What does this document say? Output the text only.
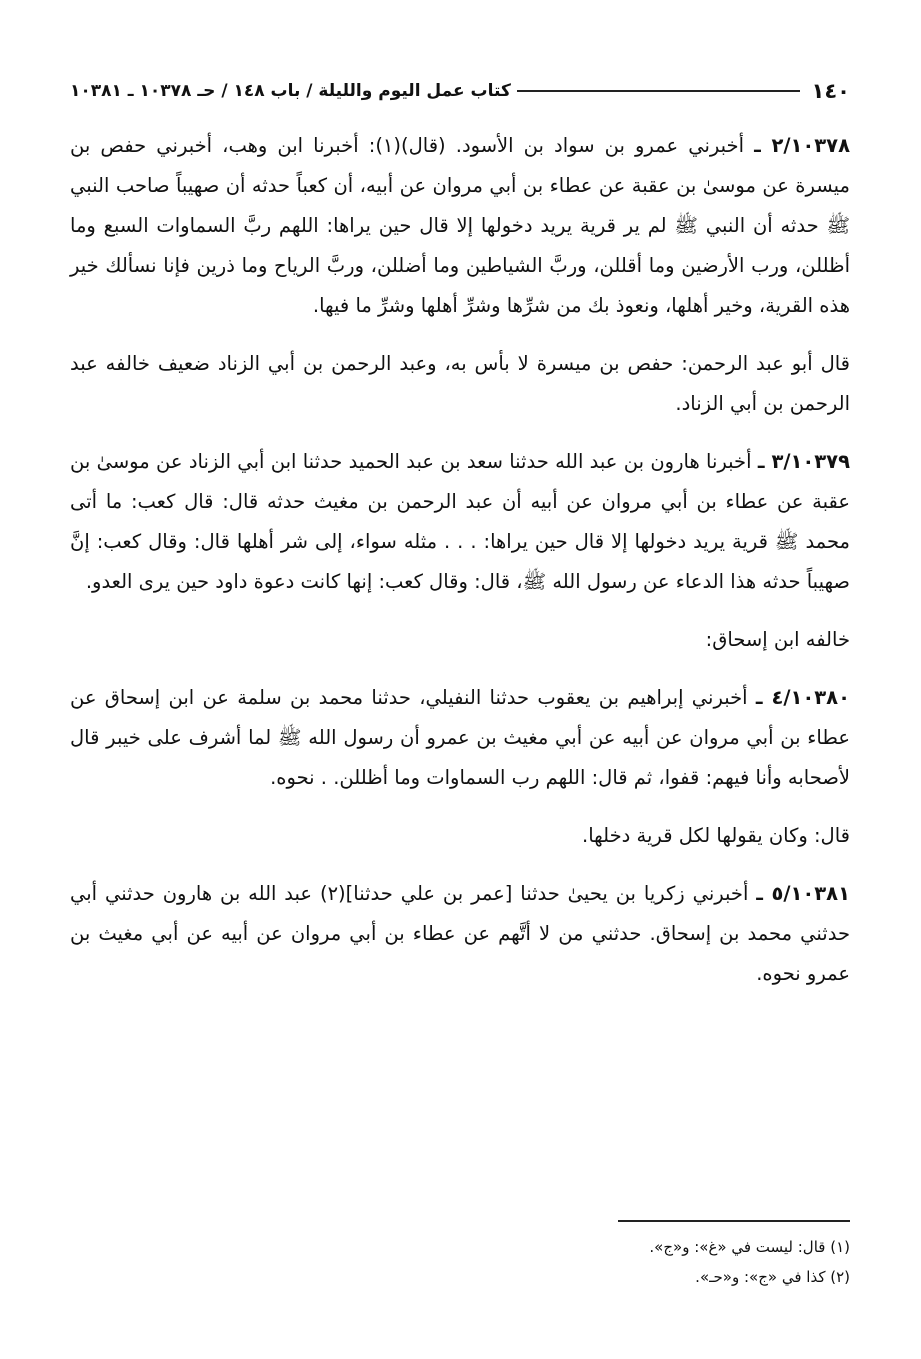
١٤٠
كتاب عمل اليوم والليلة / باب ١٤٨ / حـ ١٠٣٧٨ ـ ١٠٣٨١

٢/١٠٣٧٨ ـ أخبرني عمرو بن سواد بن الأسود. (قال)(١): أخبرنا ابن وهب، أخبرني حفص بن ميسرة عن موسىٰ بن عقبة عن عطاء بن أبي مروان عن أبيه، أن كعباً حدثه أن صهيباً صاحب النبي ﷺ حدثه أن النبي ﷺ لم ير قرية يريد دخولها إلا قال حين يراها: اللهم ربَّ السماوات السبع وما أظللن، ورب الأرضين وما أقللن، وربَّ الشياطين وما أضللن، وربَّ الرياح وما ذرين فإنا نسألك خير هذه القرية، وخير أهلها، ونعوذ بك من شرِّها وشرِّ أهلها وشرِّ ما فيها.

قال أبو عبد الرحمن: حفص بن ميسرة لا بأس به، وعبد الرحمن بن أبي الزناد ضعيف خالفه عبد الرحمن بن أبي الزناد.

٣/١٠٣٧٩ ـ أخبرنا هارون بن عبد الله حدثنا سعد بن عبد الحميد حدثنا ابن أبي الزناد عن موسىٰ بن عقبة عن عطاء بن أبي مروان عن أبيه أن عبد الرحمن بن مغيث حدثه قال: قال كعب: ما أتى محمد ﷺ قرية يريد دخولها إلا قال حين يراها: . . . مثله سواء، إلى شر أهلها قال: وقال كعب: إنَّ صهيباً حدثه هذا الدعاء عن رسول الله ﷺ، قال: وقال كعب: إنها كانت دعوة داود حين يرى العدو.

خالفه ابن إسحاق:

٤/١٠٣٨٠ ـ أخبرني إبراهيم بن يعقوب حدثنا النفيلي، حدثنا محمد بن سلمة عن ابن إسحاق عن عطاء بن أبي مروان عن أبيه عن أبي مغيث بن عمرو أن رسول الله ﷺ لما أشرف على خيبر قال لأصحابه وأنا فيهم: قفوا، ثم قال: اللهم رب السماوات وما أظللن. . نحوه.

قال: وكان يقولها لكل قرية دخلها.

٥/١٠٣٨١ ـ أخبرني زكريا بن يحيىٰ حدثنا [عمر بن علي حدثنا](٢) عبد الله بن هارون حدثني أبي حدثني محمد بن إسحاق. حدثني من لا أتَّهم عن عطاء بن أبي مروان عن أبيه عن أبي مغيث بن عمرو نحوه.

(١) قال: ليست في «غ»: و«ج».

(٢) كذا في «ج»: و«حـ».
